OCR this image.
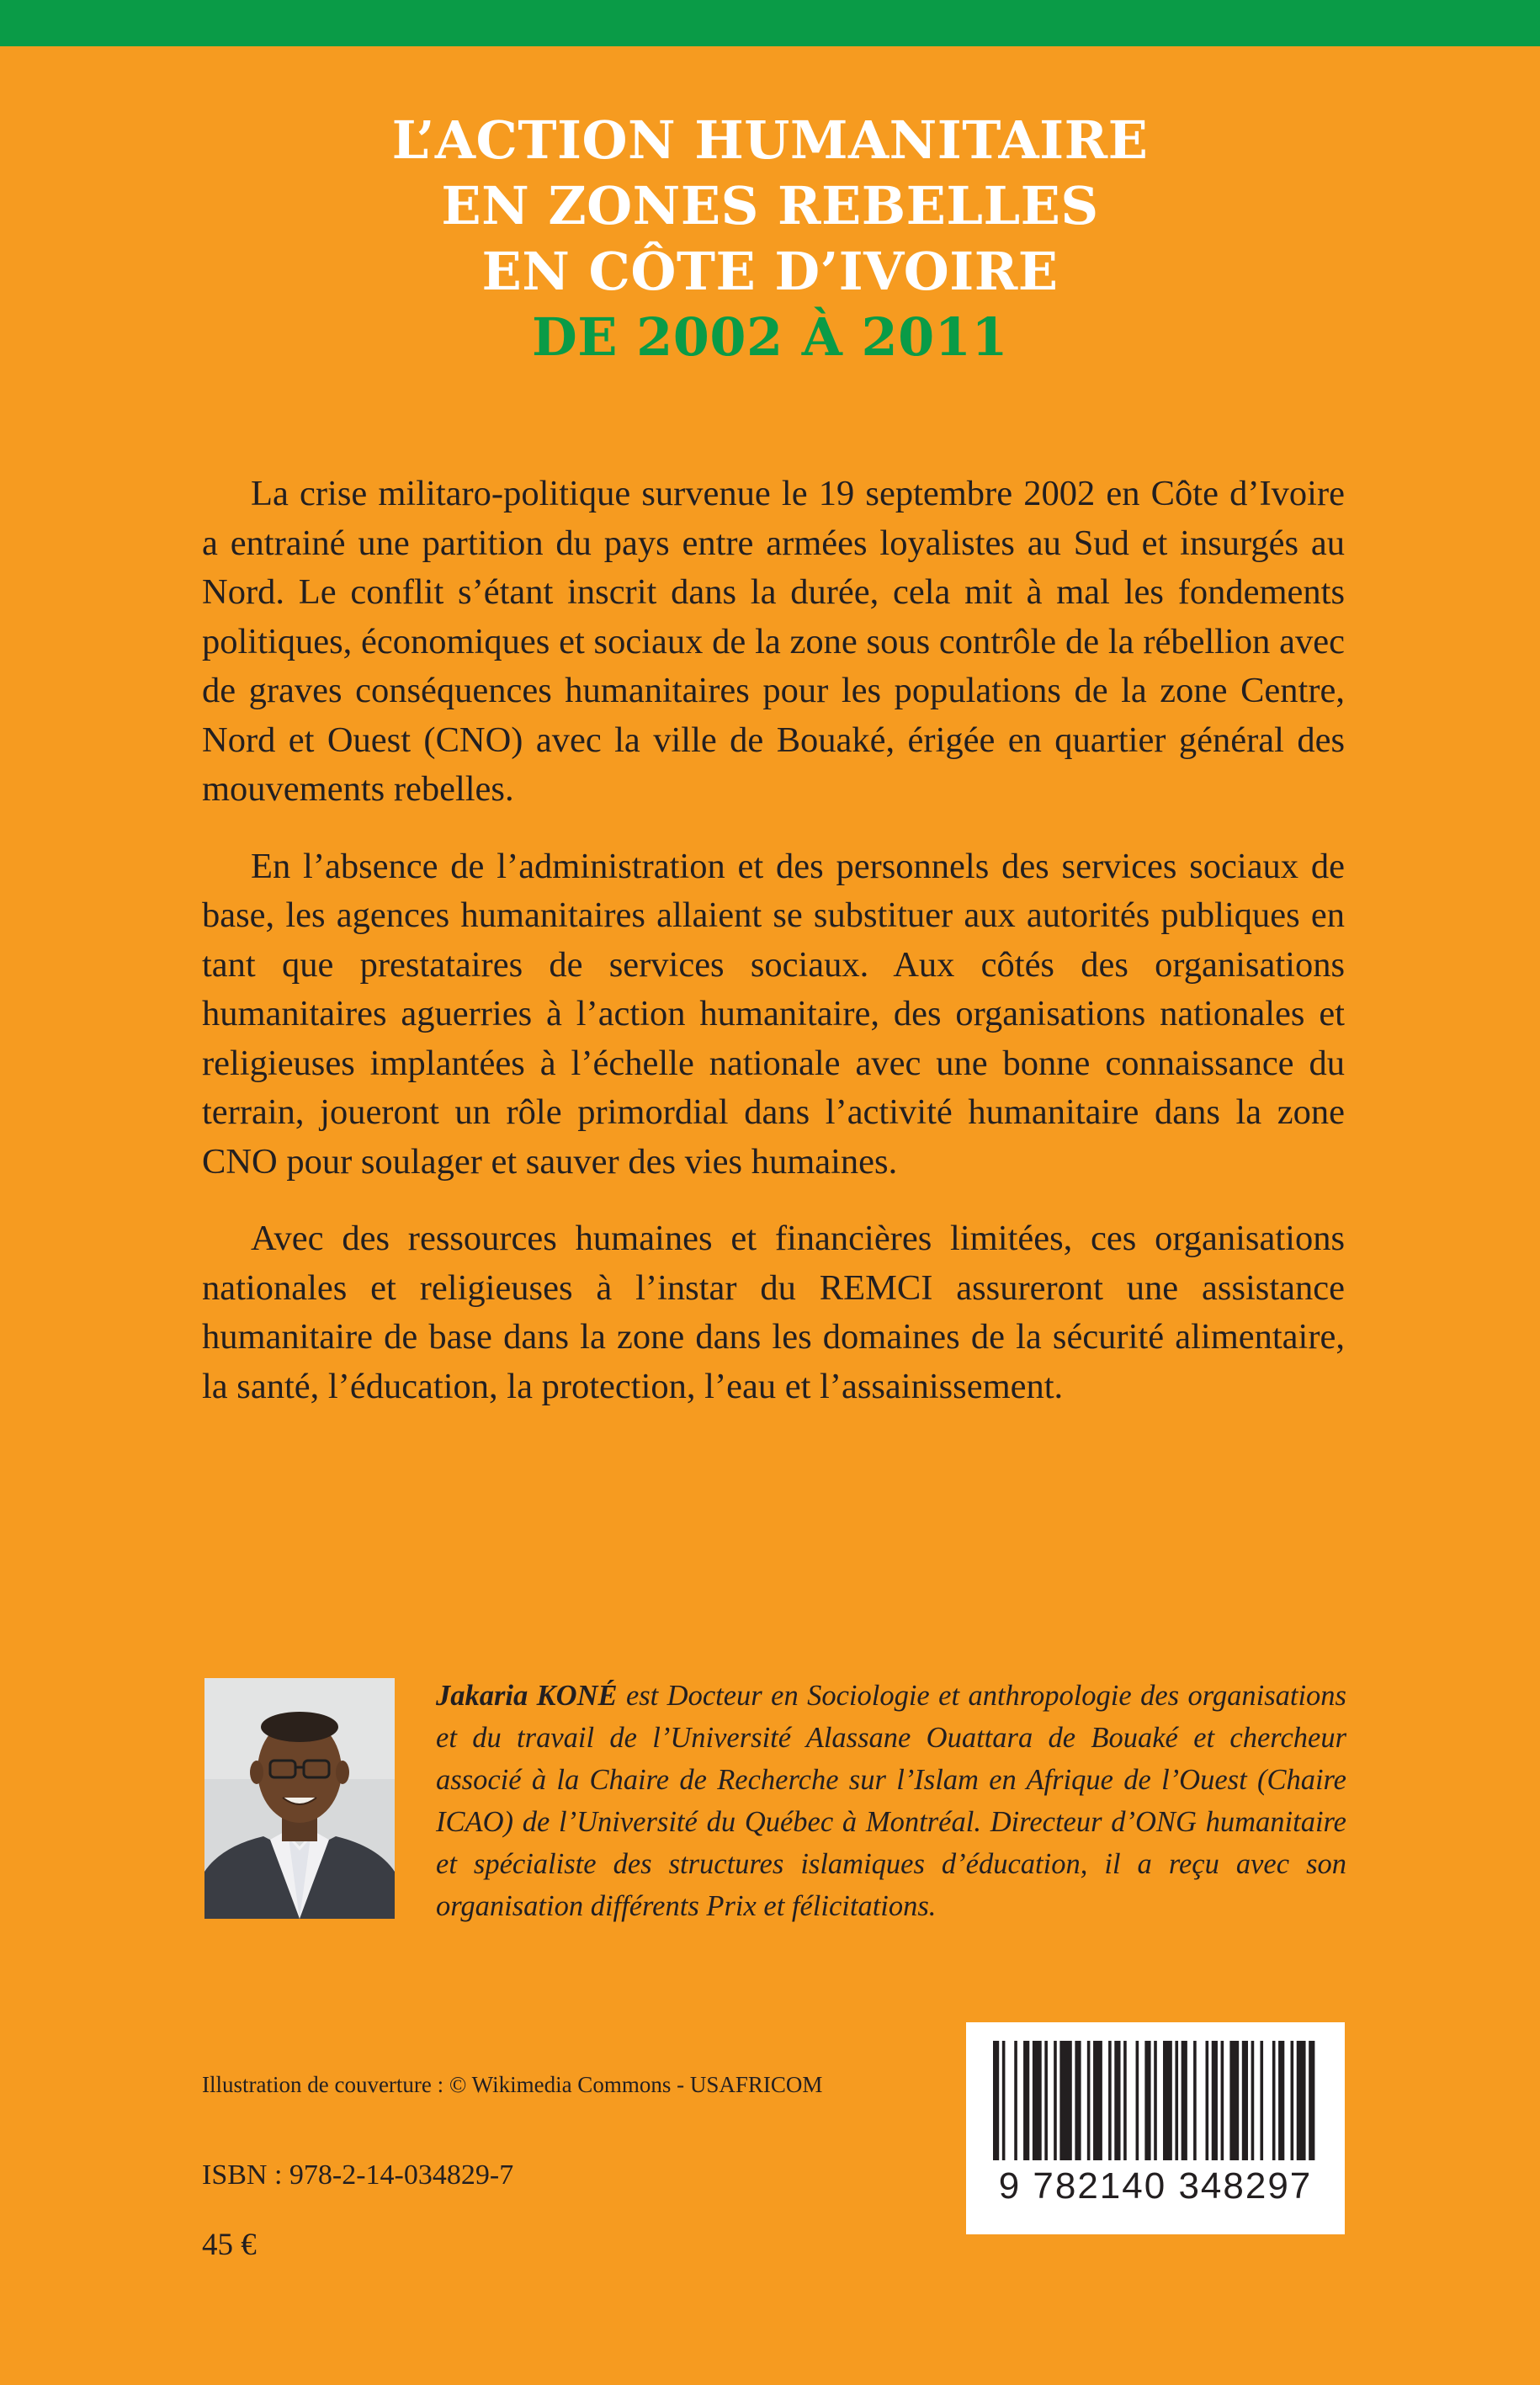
L’ACTION HUMANITAIRE
EN ZONES REBELLES
EN CÔTE D’IVOIRE
DE 2002 À 2011

La crise militaro-politique survenue le 19 septembre 2002 en Côte d’Ivoire a entrainé une partition du pays entre armées loyalistes au Sud et insurgés au Nord. Le conflit s’étant inscrit dans la durée, cela mit à mal les fondements politiques, économiques et sociaux de la zone sous contrôle de la rébellion avec de graves conséquences humanitaires pour les populations de la zone Centre, Nord et Ouest (CNO) avec la ville de Bouaké, érigée en quartier général des mouvements rebelles.

En l’absence de l’administration et des personnels des services sociaux de base, les agences humanitaires allaient se substituer aux autorités publiques en tant que prestataires de services sociaux. Aux côtés des organisations humanitaires aguerries à l’action humanitaire, des organisations nationales et religieuses implantées à l’échelle nationale avec une bonne connaissance du terrain, joueront un rôle primordial dans l’activité humanitaire dans la zone CNO pour soulager et sauver des vies humaines.

Avec des ressources humaines et financières limitées, ces organisations nationales et religieuses à l’instar du REMCI assureront une assistance humanitaire de base dans la zone dans les domaines de la sécurité alimentaire, la santé, l’éducation, la protection, l’eau et l’assainissement.

Jakaria KONÉ est Docteur en Sociologie et anthropologie des organisations et du travail de l’Université Alassane Ouattara de Bouaké et chercheur associé à la Chaire de Recherche sur l’Islam en Afrique de l’Ouest (Chaire ICAO) de l’Université du Québec à Montréal. Directeur d’ONG humanitaire et spécialiste des structures islamiques d’éducation, il a reçu avec son organisation différents Prix et félicitations.
Illustration de couverture : © Wikimedia Commons - USAFRICOM
ISBN : 978-2-14-034829-7
45 €
9 782140 348297
